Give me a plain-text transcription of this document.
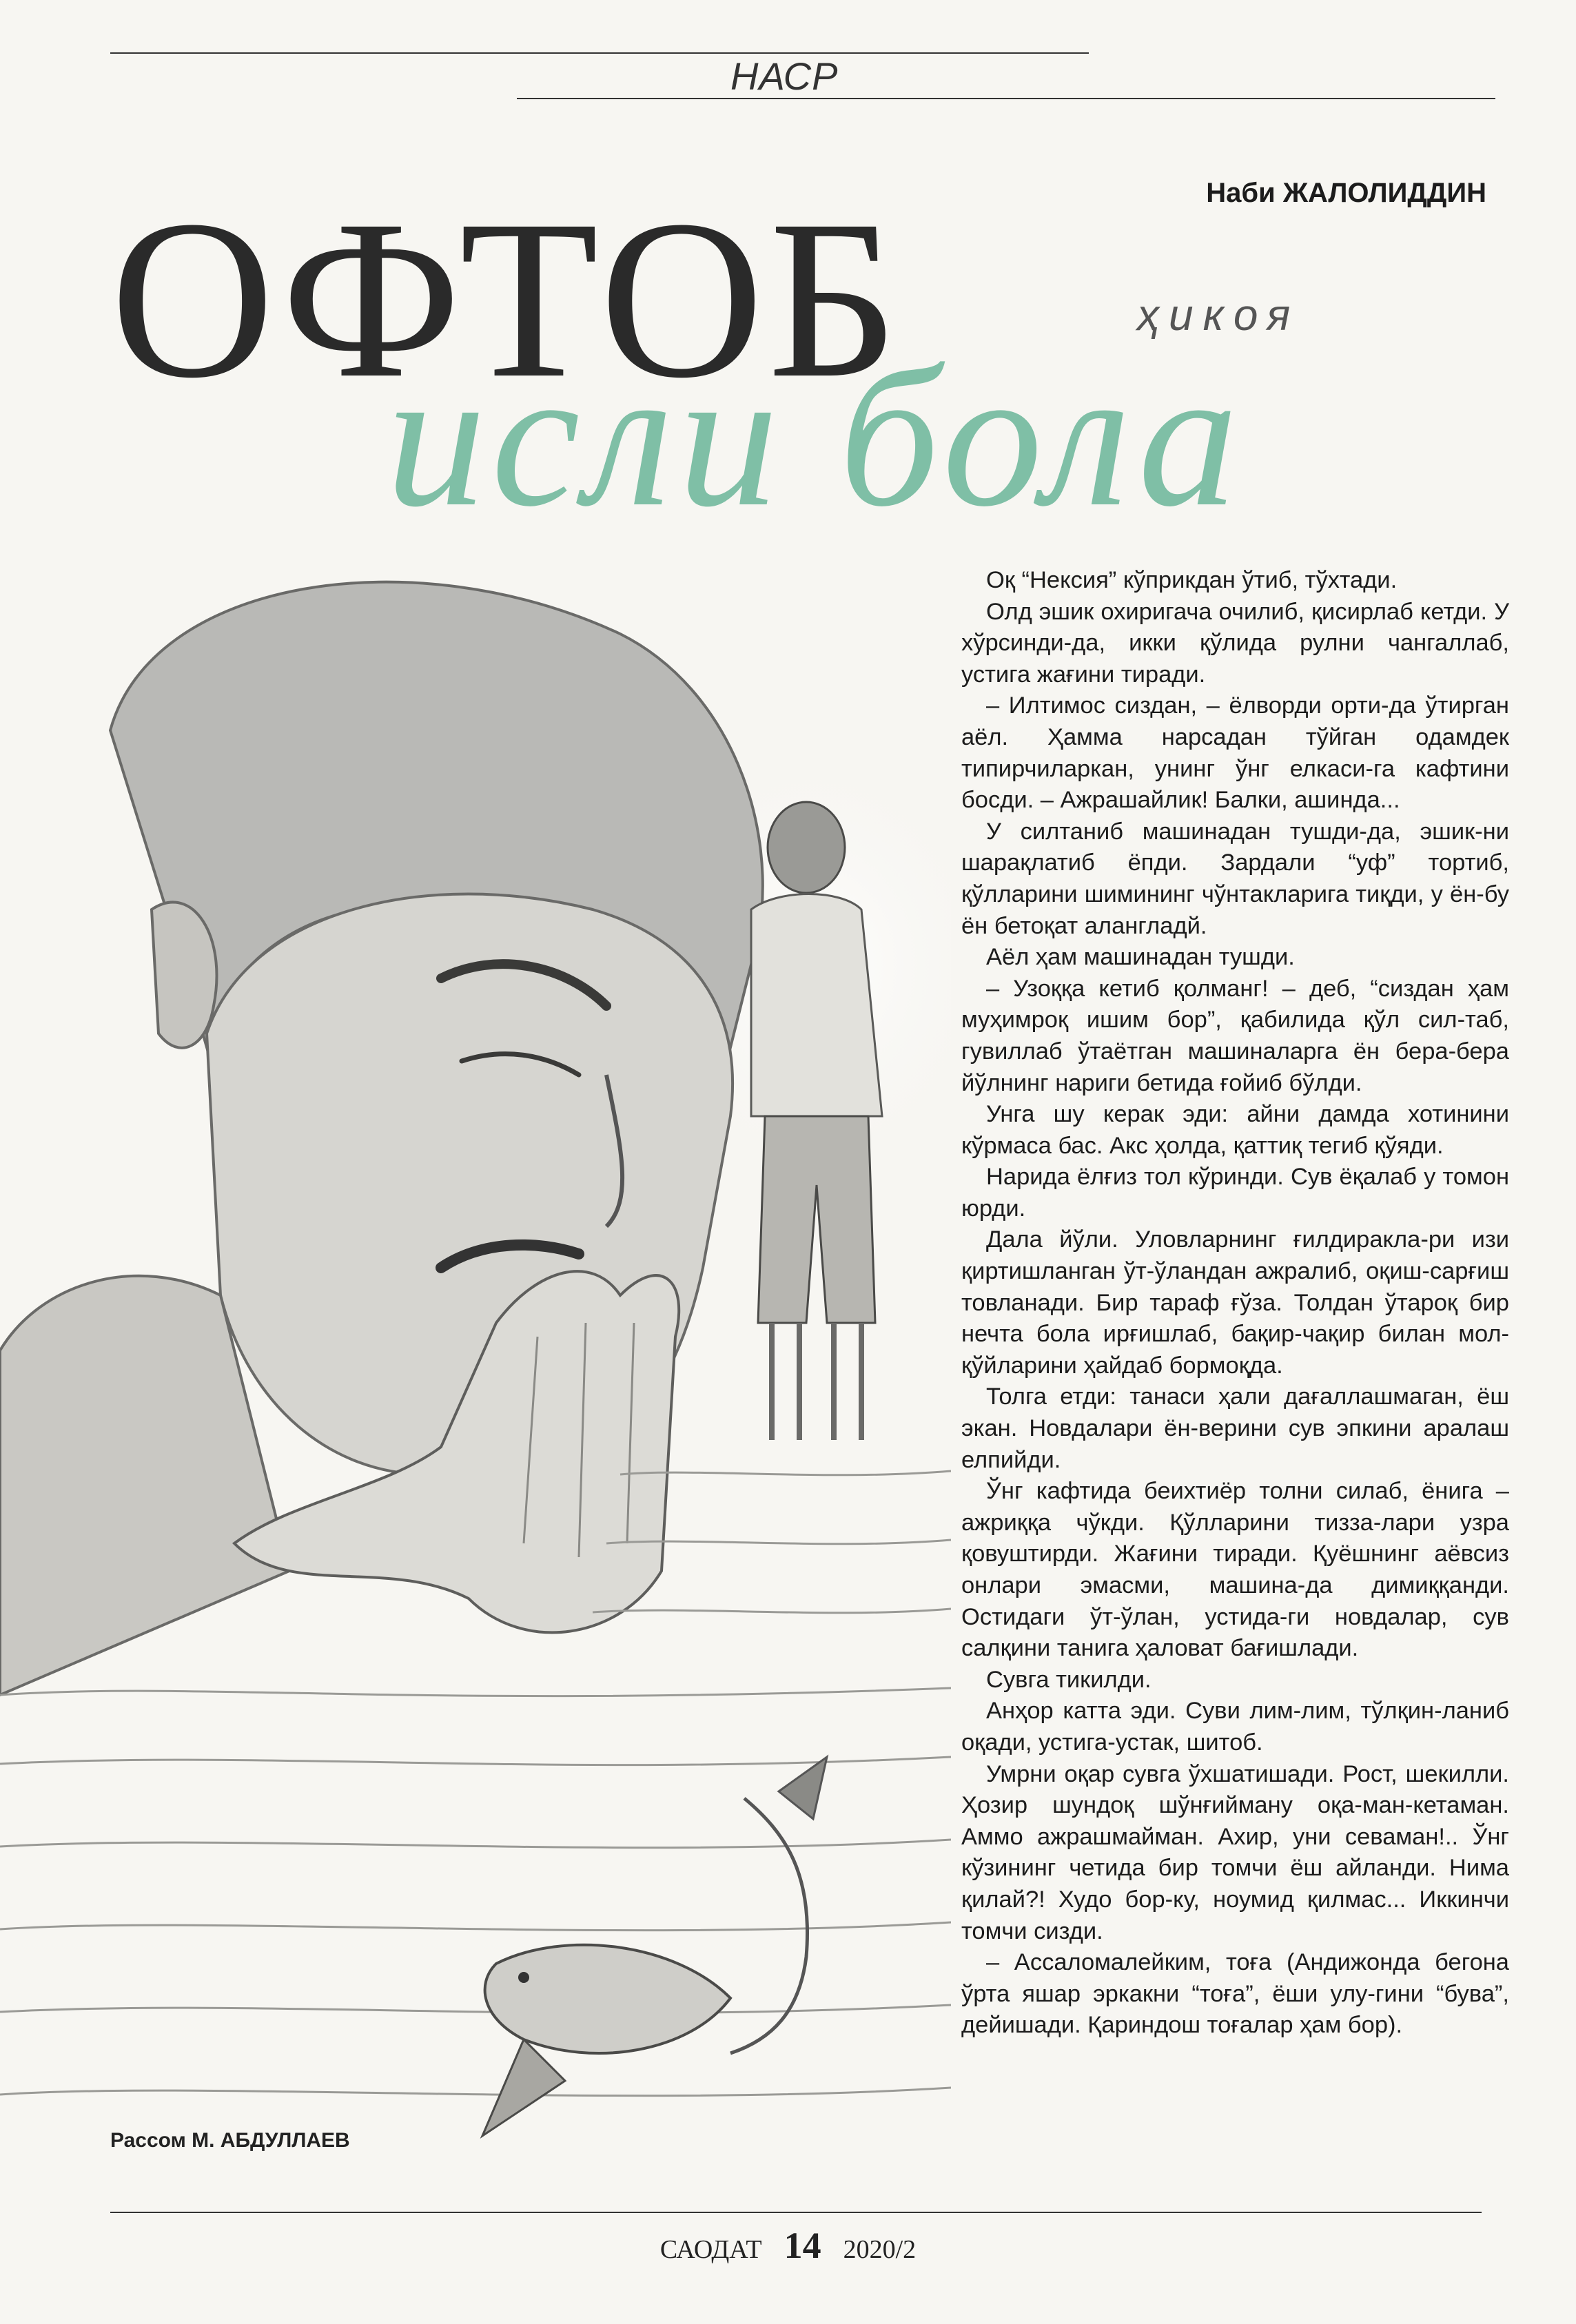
НАСР
Наби ЖАЛОЛИДДИН
ОФТОБ	ҳикоя
исли бола

Оқ “Нексия” кўприкдан ўтиб, тўхтади.

Олд эшик охиригача очилиб, қисирлаб кетди. У хўрсинди-да, икки қўлида рулни чангаллаб, устига жағини тиради.

– Илтимос сиздан, – ёлворди орти-да ўтирган аёл. Ҳамма нарсадан тўйган одамдек типирчиларкан, унинг ўнг елкаси-га кафтини босди. – Ажрашайлик! Балки, ашинда...

У силтаниб машинадан тушди-да, эшик-ни шарақлатиб ёпди. Зардали “уф” тортиб, қўлларини шимининг чўнтакларига тиқди, у ён-бу ён бетоқат алангладй.

Аёл ҳам машинадан тушди.

– Узоққа кетиб қолманг! – деб, “сиздан ҳам муҳимроқ ишим бор”, қабилида қўл сил-таб, гувиллаб ўтаётган машиналарга ён бера-бера йўлнинг нариги бетида ғойиб бўлди.

Унга шу керак эди: айни дамда хотинини кўрмаса бас. Акс ҳолда, қаттиқ тегиб қўяди.

Нарида ёлғиз тол кўринди. Сув ёқалаб у томон юрди.

Дала йўли. Уловларнинг ғилдиракла-ри изи қиртишланган ўт-ўландан ажралиб, оқиш-сарғиш товланади. Бир тараф ғўза. Толдан ўтароқ бир нечта бола ирғишлаб, бақир-чақир билан мол-қўйларини ҳайдаб бормоқда.

Толга етди: танаси ҳали дағаллашмаган, ёш экан. Новдалари ён-верини сув эпкини аралаш елпийди.

Ўнг кафтида беихтиёр толни силаб, ёнига – ажриққа чўкди. Қўлларини тизза-лари узра қовуштирди. Жағини тиради. Қуёшнинг аёвсиз онлари эмасми, машина-да димиққанди. Остидаги ўт-ўлан, устида-ги новдалар, сув салқини танига ҳаловат бағишлади.

Сувга тикилди.

Анҳор катта эди. Суви лим-лим, тўлқин-ланиб оқади, устига-устак, шитоб.

Умрни оқар сувга ўхшатишади. Рост, шекилли. Ҳозир шундоқ шўнғиймaну оқа-ман-кетаман. Аммо ажрашмайман. Ахир, уни севаман!.. Ўнг кўзининг четида бир томчи ёш айланди. Нима қилай?! Худо бор-ку, ноумид қилмас... Иккинчи томчи сизди.

– Ассаломалейким, тоға (Андижонда бегона ўрта яшар эркакни “тоға”, ёши улу-гини “бува”, дейишади. Қариндош тоғалар ҳам бор).

Рассом М. АБДУЛЛАЕВ
САОДАТ 14 2020/2
